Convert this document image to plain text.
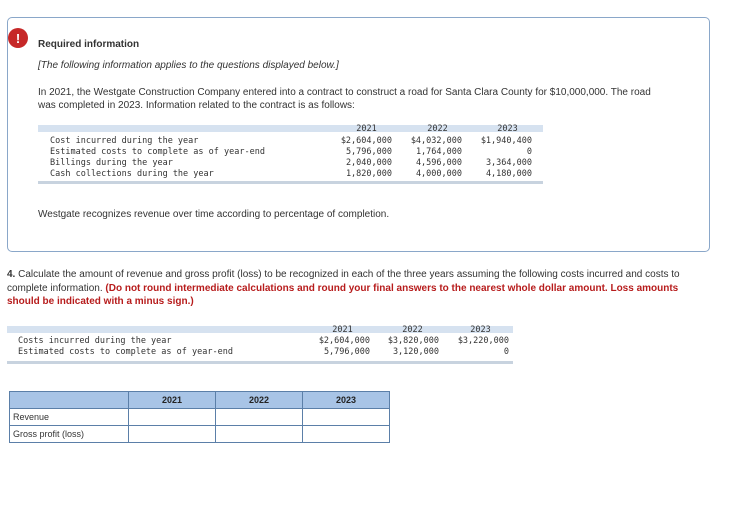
!	Required information
[The following information applies to the questions displayed below.]
In 2021, the Westgate Construction Company entered into a contract to construct a road for Santa Clara County for $10,000,000. The road was completed in 2023. Information related to the contract is as follows:
2021	2022	2023
Cost incurred during the year	$2,604,000	$4,032,000	$1,940,400
Estimated costs to complete as of year-end	5,796,000	1,764,000	0
Billings during the year	2,040,000	4,596,000	3,364,000
Cash collections during the year	1,820,000	4,000,000	4,180,000
Westgate recognizes revenue over time according to percentage of completion.
4. Calculate the amount of revenue and gross profit (loss) to be recognized in each of the three years assuming the following costs incurred and costs to complete information. (Do not round intermediate calculations and round your final answers to the nearest whole dollar amount. Loss amounts should be indicated with a minus sign.)
2021	2022	2023
Costs incurred during the year	$2,604,000	$3,820,000	$3,220,000
Estimated costs to complete as of year-end	5,796,000	3,120,000	0
	2021	2022	2023
Revenue			
Gross profit (loss)			
